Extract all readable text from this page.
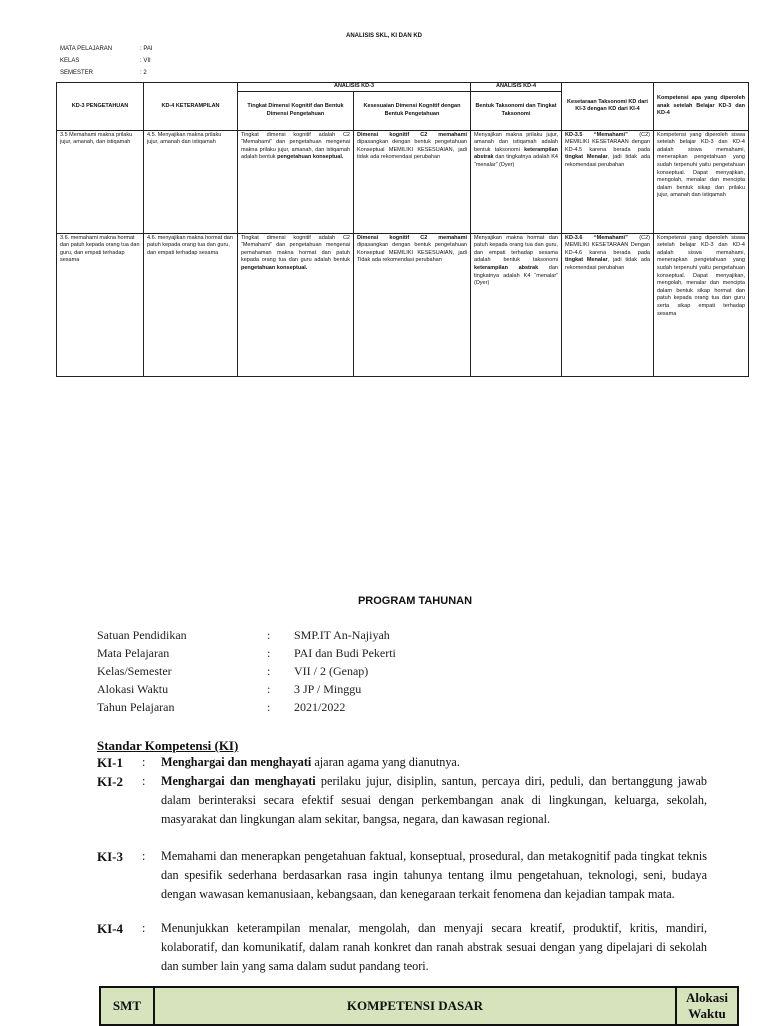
ANALISIS SKL, KI DAN KD
MATA PELAJARAN	: PAI
KELAS	: VII
SEMESTER	: 2
KD-3 PENGETAHUAN	KD-4 KETERAMPILAN	ANALISIS KD-3		ANALISIS KD-4	Kesetaraan Taksonomi KD dari KI-3 dengan KD dari KI-4	Kompetensi apa yang diperoleh anak setelah Belajar KD-3 dan KD-4
		Tingkat Dimensi Kognitif dan Bentuk Dimensi Pengetahuan	Kesesuaian Dimensi Kognitif dengan Bentuk Pengetahuan	Bentuk Taksonomi dan Tingkat Taksonomi		
3.5 Memahami makna prilaku jujur, amanah, dan istiqamah	4.5. Menyajikan makna prilaku jujur, amanah dan istiqamah	Tingkat dimensi kognitif adalah C2 “Memahami” dan pengetahuan mengenai makna prilaku jujur, amanah, dan istiqamah adalah bentuk pengetahuan konseptual.	Dimensi kognitif C2 memahami dipasangkan dengan bentuk pengetahuan Konseptual MEMILIKI KESESUAIAN, jadi tidak ada rekomendasi perubahan	Menyajikan makna prilaku jujur, amanah dan istiqamah adalah bentuk taksonomi keterampilan abstrak dan tingkatnya adalah K4 “menalar” (Dyer)	KD-3.5 “Memahami” (C2) MEMILIKI KESETARAAN dengan KD-4.5 karena berada pada tingkat Menalar, jadi tidak ada rekomendasi perubahan	Kompetensi yang diperoleh siswa setelah belajar KD-3 dan KD-4 adalah siswa memahami, menerapkan pengetahuan yang sudah terpenuhi yaitu pengetahuan konseptual. Dapat menyajikan, mengolah, menalar dan mencipta dalam bentuk sikap dan prilaku jujur, amanah dan istiqamah
3.6. memahami makna hormat dan patuh kepada orang tua dan guru, dan empati terhadap sesama	4.6. menyajikan makna hormat dan patuh kepada orang tua dan guru, dan empati terhadap sesama	Tingkat dimensi kognitif adalah C2 “Memahami” dan pengetahuan mengenai pemahaman makna hormat dan patuh kepada orang tua dan guru adalah bentuk pengetahuan konseptual.	Dimensi kognitif C2 memahami dipasangkan dengan bentuk pengetahuan Konseptual MEMILIKI KESESUAIAN, jadi Tidak ada rekomendasi perubahan	Menyajikan makna hormat dan patuh kepada orang tua dan guru, dan empati terhadap sesama adalah bentuk taksonomi keterampilan abstrak dan tingkatnya adalah K4 “menalar” (Dyer)	KD-3.6 “Memahami” (C2) MEMILIKI KESETARAAN Dengan KD-4.6 karena berada pada tingkat Menalar, jadi tidak ada rekomendasi perubahan	Kompetensi yang diperoleh siswa setelah belajar KD-3 dan KD-4 adalah siswa memahami, menerapkan pengetahuan yang sudah terpenuhi yaitu pengetahuan konseptual. Dapat menyajikan, mengolah, menalar dan mencipta dalam bentuk sikap hormat dan patuh kepada orang tua dan guru serta sikap empati terhadap sesama
PROGRAM TAHUNAN
Satuan Pendidikan	: SMP.IT An-Najiyah
Mata Pelajaran	: PAI dan Budi Pekerti
Kelas/Semester	: VII / 2 (Genap)
Alokasi Waktu	: 3 JP / Minggu
Tahun Pelajaran	: 2021/2022
Standar Kompetensi (KI)
KI-1 : Menghargai dan menghayati ajaran agama yang dianutnya.
KI-2 : Menghargai dan menghayati perilaku jujur, disiplin, santun, percaya diri, peduli, dan bertanggung jawab dalam berinteraksi secara efektif sesuai dengan perkembangan anak di lingkungan, keluarga, sekolah, masyarakat dan lingkungan alam sekitar, bangsa, negara, dan kawasan regional.
KI-3 : Memahami dan menerapkan pengetahuan faktual, konseptual, prosedural, dan metakognitif pada tingkat teknis dan spesifik sederhana berdasarkan rasa ingin tahunya tentang ilmu pengetahuan, teknologi, seni, budaya dengan wawasan kemanusiaan, kebangsaan, dan kenegaraan terkait fenomena dan kejadian tampak mata.
KI-4 : Menunjukkan keterampilan menalar, mengolah, dan menyaji secara kreatif, produktif, kritis, mandiri, kolaboratif, dan komunikatif, dalam ranah konkret dan ranah abstrak sesuai dengan yang dipelajari di sekolah dan sumber lain yang sama dalam sudut pandang teori.
SMT	KOMPETENSI DASAR	Alokasi Waktu
